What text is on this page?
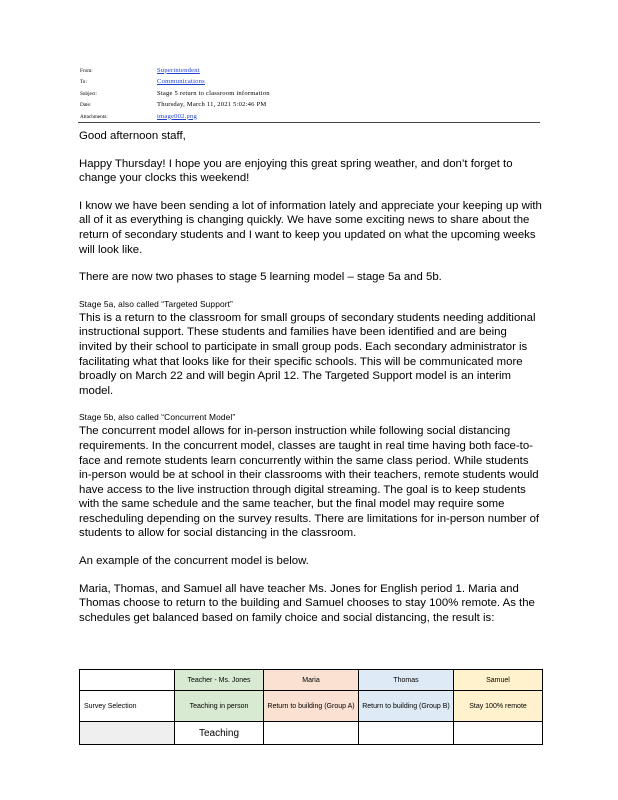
From:	Superintendent
To:	Communications
Subject:	Stage 5 return to classroom information
Date:	Thursday, March 11, 2021 5:02:46 PM
Attachments:	image002.png

Good afternoon staff,

Happy Thursday! I hope you are enjoying this great spring weather, and don’t forget to change your clocks this weekend!

I know we have been sending a lot of information lately and appreciate your keeping up with all of it as everything is changing quickly. We have some exciting news to share about the return of secondary students and I want to keep you updated on what the upcoming weeks will look like.

There are now two phases to stage 5 learning model – stage 5a and 5b.

Stage 5a, also called “Targeted Support”

This is a return to the classroom for small groups of secondary students needing additional instructional support. These students and families have been identified and are being invited by their school to participate in small group pods. Each secondary administrator is facilitating what that looks like for their specific schools. This will be communicated more broadly on March 22 and will begin April 12. The Targeted Support model is an interim model.

Stage 5b, also called “Concurrent Model”

The concurrent model allows for in-person instruction while following social distancing requirements. In the concurrent model, classes are taught in real time having both face-to-face and remote students learn concurrently within the same class period. While students in-person would be at school in their classrooms with their teachers, remote students would have access to the live instruction through digital streaming. The goal is to keep students with the same schedule and the same teacher, but the final model may require some rescheduling depending on the survey results. There are limitations for in-person number of students to allow for social distancing in the classroom.

An example of the concurrent model is below.

Maria, Thomas, and Samuel all have teacher Ms. Jones for English period 1. Maria and Thomas choose to return to the building and Samuel chooses to stay 100% remote. As the schedules get balanced based on family choice and social distancing, the result is:

	Teacher - Ms. Jones	Maria	Thomas	Samuel

Survey Selection	Teaching in person	Return to building (Group A)	Return to building (Group B)	Stay 100% remote

	Teaching			
